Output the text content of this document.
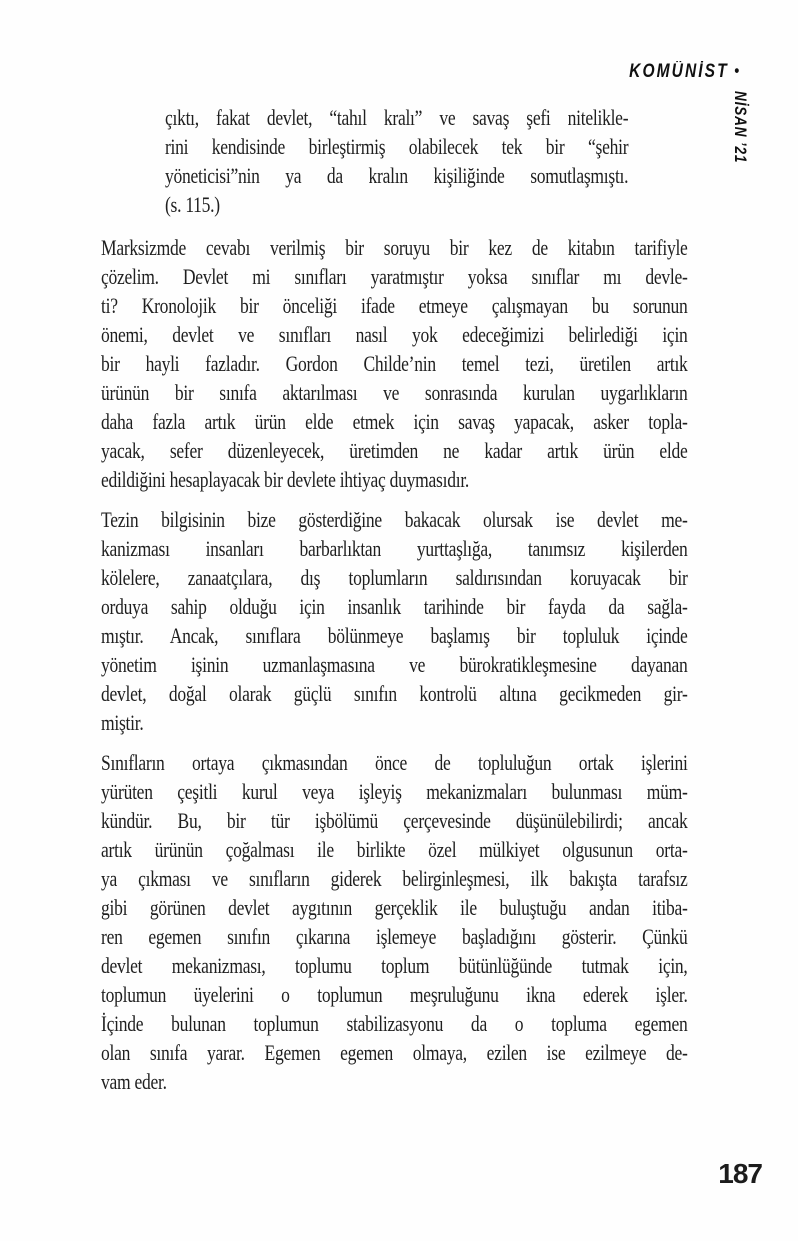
KOMÜNİST •
NİSAN ’21
çıktı, fakat devlet, “tahıl kralı” ve savaş şefi nitelikle-
rini kendisinde birleştirmiş olabilecek tek bir “şehir
yöneticisi”nin ya da kralın kişiliğinde somutlaşmıştı.
(s. 115.)
Marksizmde cevabı verilmiş bir soruyu bir kez de kitabın tarifiyle
çözelim. Devlet mi sınıfları yaratmıştır yoksa sınıflar mı devle-
ti? Kronolojik bir önceliği ifade etmeye çalışmayan bu sorunun
önemi, devlet ve sınıfları nasıl yok edeceğimizi belirlediği için
bir hayli fazladır. Gordon Childe’nin temel tezi, üretilen artık
ürünün bir sınıfa aktarılması ve sonrasında kurulan uygarlıkların
daha fazla artık ürün elde etmek için savaş yapacak, asker topla-
yacak, sefer düzenleyecek, üretimden ne kadar artık ürün elde
edildiğini hesaplayacak bir devlete ihtiyaç duymasıdır.
Tezin bilgisinin bize gösterdiğine bakacak olursak ise devlet me-
kanizması insanları barbarlıktan yurttaşlığa, tanımsız kişilerden
kölelere, zanaatçılara, dış toplumların saldırısından koruyacak bir
orduya sahip olduğu için insanlık tarihinde bir fayda da sağla-
mıştır. Ancak, sınıflara bölünmeye başlamış bir topluluk içinde
yönetim işinin uzmanlaşmasına ve bürokratikleşmesine dayanan
devlet, doğal olarak güçlü sınıfın kontrolü altına gecikmeden gir-
miştir.
Sınıfların ortaya çıkmasından önce de topluluğun ortak işlerini
yürüten çeşitli kurul veya işleyiş mekanizmaları bulunması müm-
kündür. Bu, bir tür işbölümü çerçevesinde düşünülebilirdi; ancak
artık ürünün çoğalması ile birlikte özel mülkiyet olgusunun orta-
ya çıkması ve sınıfların giderek belirginleşmesi, ilk bakışta tarafsız
gibi görünen devlet aygıtının gerçeklik ile buluştuğu andan itiba-
ren egemen sınıfın çıkarına işlemeye başladığını gösterir. Çünkü
devlet mekanizması, toplumu toplum bütünlüğünde tutmak için,
toplumun üyelerini o toplumun meşruluğunu ikna ederek işler.
İçinde bulunan toplumun stabilizasyonu da o topluma egemen
olan sınıfa yarar. Egemen egemen olmaya, ezilen ise ezilmeye de-
vam eder.
187
